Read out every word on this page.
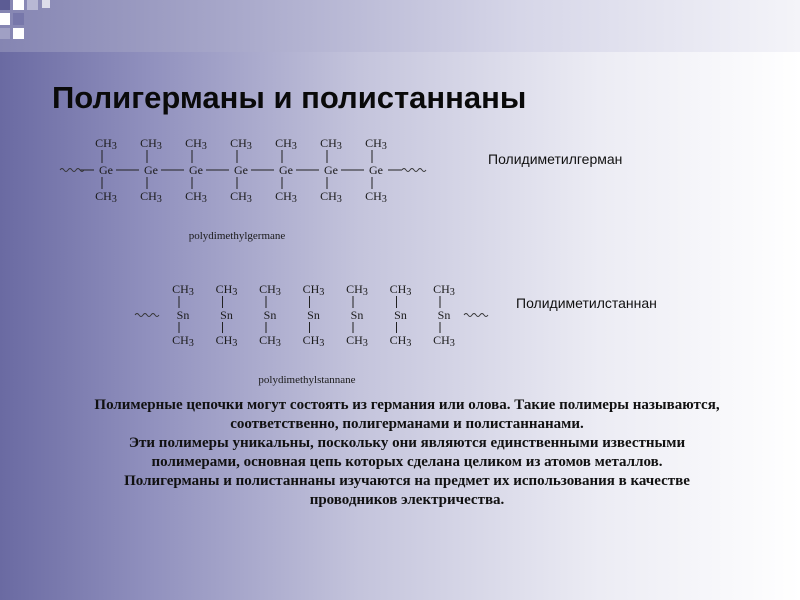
Полигерманы и полистаннаны
CH3
Ge
CH3
CH3
Ge
CH3
CH3
Ge
CH3
CH3
Ge
CH3
CH3
Ge
CH3
CH3
Ge
CH3
CH3
Ge
CH3
polydimethylgermane
Полидиметилгерман
CH3
Sn
CH3
CH3
Sn
CH3
CH3
Sn
CH3
CH3
Sn
CH3
CH3
Sn
CH3
CH3
Sn
CH3
CH3
Sn
CH3
polydimethylstannane
Полидиметилстаннан

Полимерные цепочки могут состоять из германия или олова. Такие полимеры называются, соответственно, полигерманами и полистаннанами.

Эти полимеры уникальны, поскольку они являются единственными известными полимерами, основная цепь которых сделана целиком из атомов металлов.

Полигерманы и полистаннаны изучаются на предмет их использования в качестве проводников электричества.
